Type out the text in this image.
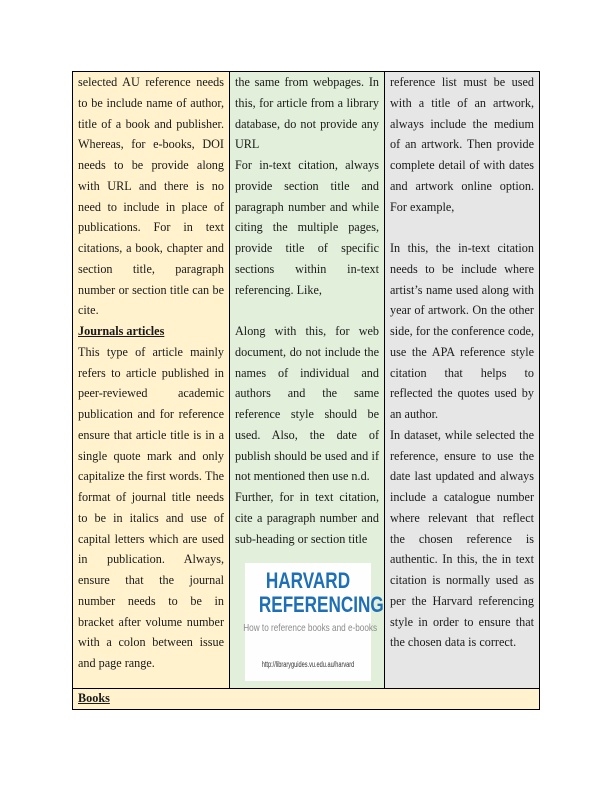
selected AU reference needs to be include name of author, title of a book and publisher. Whereas, for e-books, DOI needs to be provide along with URL and there is no need to include in place of publications. For in text citations, a book, chapter and section title, paragraph number or section title can be cite.

Journals articles

This type of article mainly refers to article published in peer-reviewed academic publication and for reference ensure that article title is in a single quote mark and only capitalize the first words. The format of journal title needs to be in italics and use of capital letters which are used in publication. Always, ensure that the journal number needs to be in bracket after volume number with a colon between issue and page range.

the same from webpages. In this, for article from a library database, do not provide any URL

For in-text citation, always provide section title and paragraph number and while citing the multiple pages, provide title of specific sections within in-text referencing. Like,

Along with this, for web document, do not include the names of individual and authors and the same reference style should be used. Also, the date of publish should be used and if not mentioned then use n.d.

Further, for in text citation, cite a paragraph number and sub-heading or section title

HARVARD
REFERENCING
How to reference books and e-books
http://libraryguides.vu.edu.au/harvard

reference list must be used with a title of an artwork, always include the medium of an artwork. Then provide complete detail of with dates and artwork online option. For example,

In this, the in-text citation needs to be include where artist’s name used along with year of artwork. On the other side, for the conference code, use the APA reference style citation that helps to reflected the quotes used by an author.

In dataset, while selected the reference, ensure to use the date last updated and always include a catalogue number where relevant that reflect the chosen reference is authentic. In this, the in text citation is normally used as per the Harvard referencing style in order to ensure that the chosen data is correct.

Books
